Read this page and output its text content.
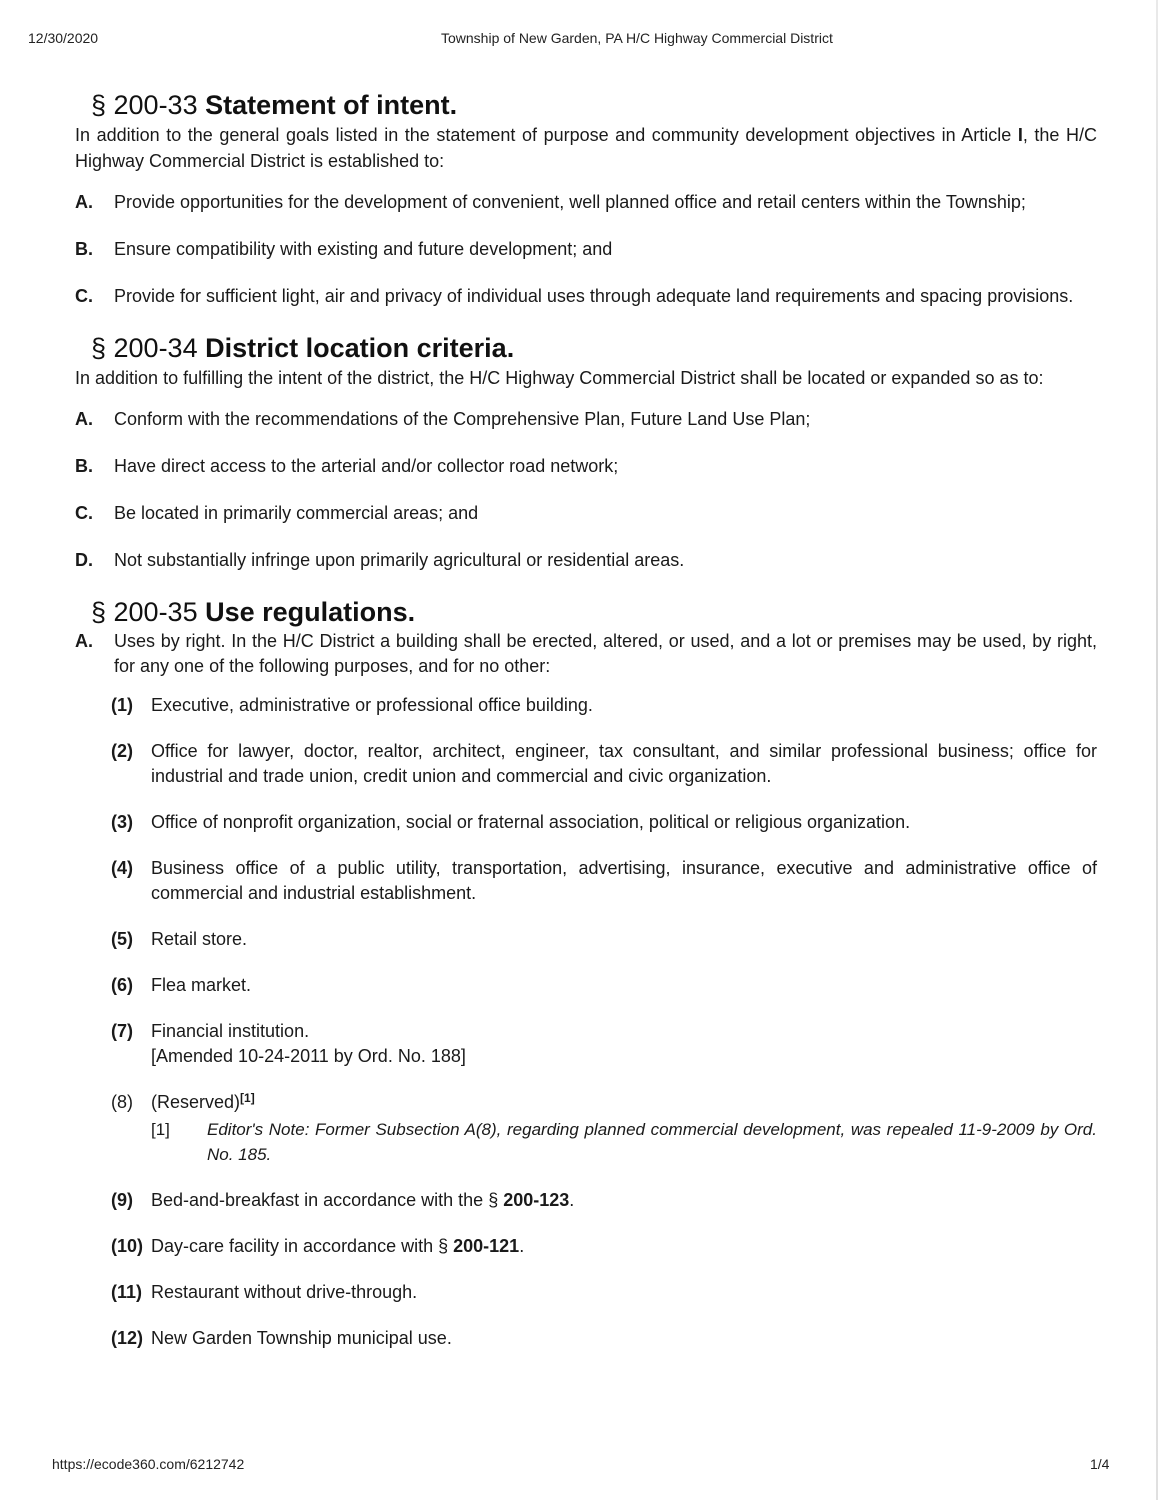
12/30/2020	Township of New Garden, PA H/C Highway Commercial District
§ 200-33 Statement of intent.

In addition to the general goals listed in the statement of purpose and community development objectives in Article I, the H/C Highway Commercial District is established to:

A.	Provide opportunities for the development of convenient, well planned office and retail centers within the Township;
B.	Ensure compatibility with existing and future development; and
C.	Provide for sufficient light, air and privacy of individual uses through adequate land requirements and spacing provisions.
§ 200-34 District location criteria.

In addition to fulfilling the intent of the district, the H/C Highway Commercial District shall be located or expanded so as to:

A.	Conform with the recommendations of the Comprehensive Plan, Future Land Use Plan;
B.	Have direct access to the arterial and/or collector road network;
C.	Be located in primarily commercial areas; and
D.	Not substantially infringe upon primarily agricultural or residential areas.
§ 200-35 Use regulations.
A.	Uses by right. In the H/C District a building shall be erected, altered, or used, and a lot or premises may be used, by right, for any one of the following purposes, and for no other:
(1)	Executive, administrative or professional office building.
(2)	Office for lawyer, doctor, realtor, architect, engineer, tax consultant, and similar professional business; office for industrial and trade union, credit union and commercial and civic organization.
(3)	Office of nonprofit organization, social or fraternal association, political or religious organization.
(4)	Business office of a public utility, transportation, advertising, insurance, executive and administrative office of commercial and industrial establishment.
(5)	Retail store.
(6)	Flea market.
(7)	Financial institution.
[Amended 10-24-2011 by Ord. No. 188]
(8)	(Reserved)[1]
[1]	Editor's Note: Former Subsection A(8), regarding planned commercial development, was repealed 11-9-2009 by Ord. No. 185.
(9)	Bed-and-breakfast in accordance with the § 200-123.
(10) Day-care facility in accordance with § 200-121.
(11) Restaurant without drive-through.
(12) New Garden Township municipal use.
https://ecode360.com/6212742	1/4
